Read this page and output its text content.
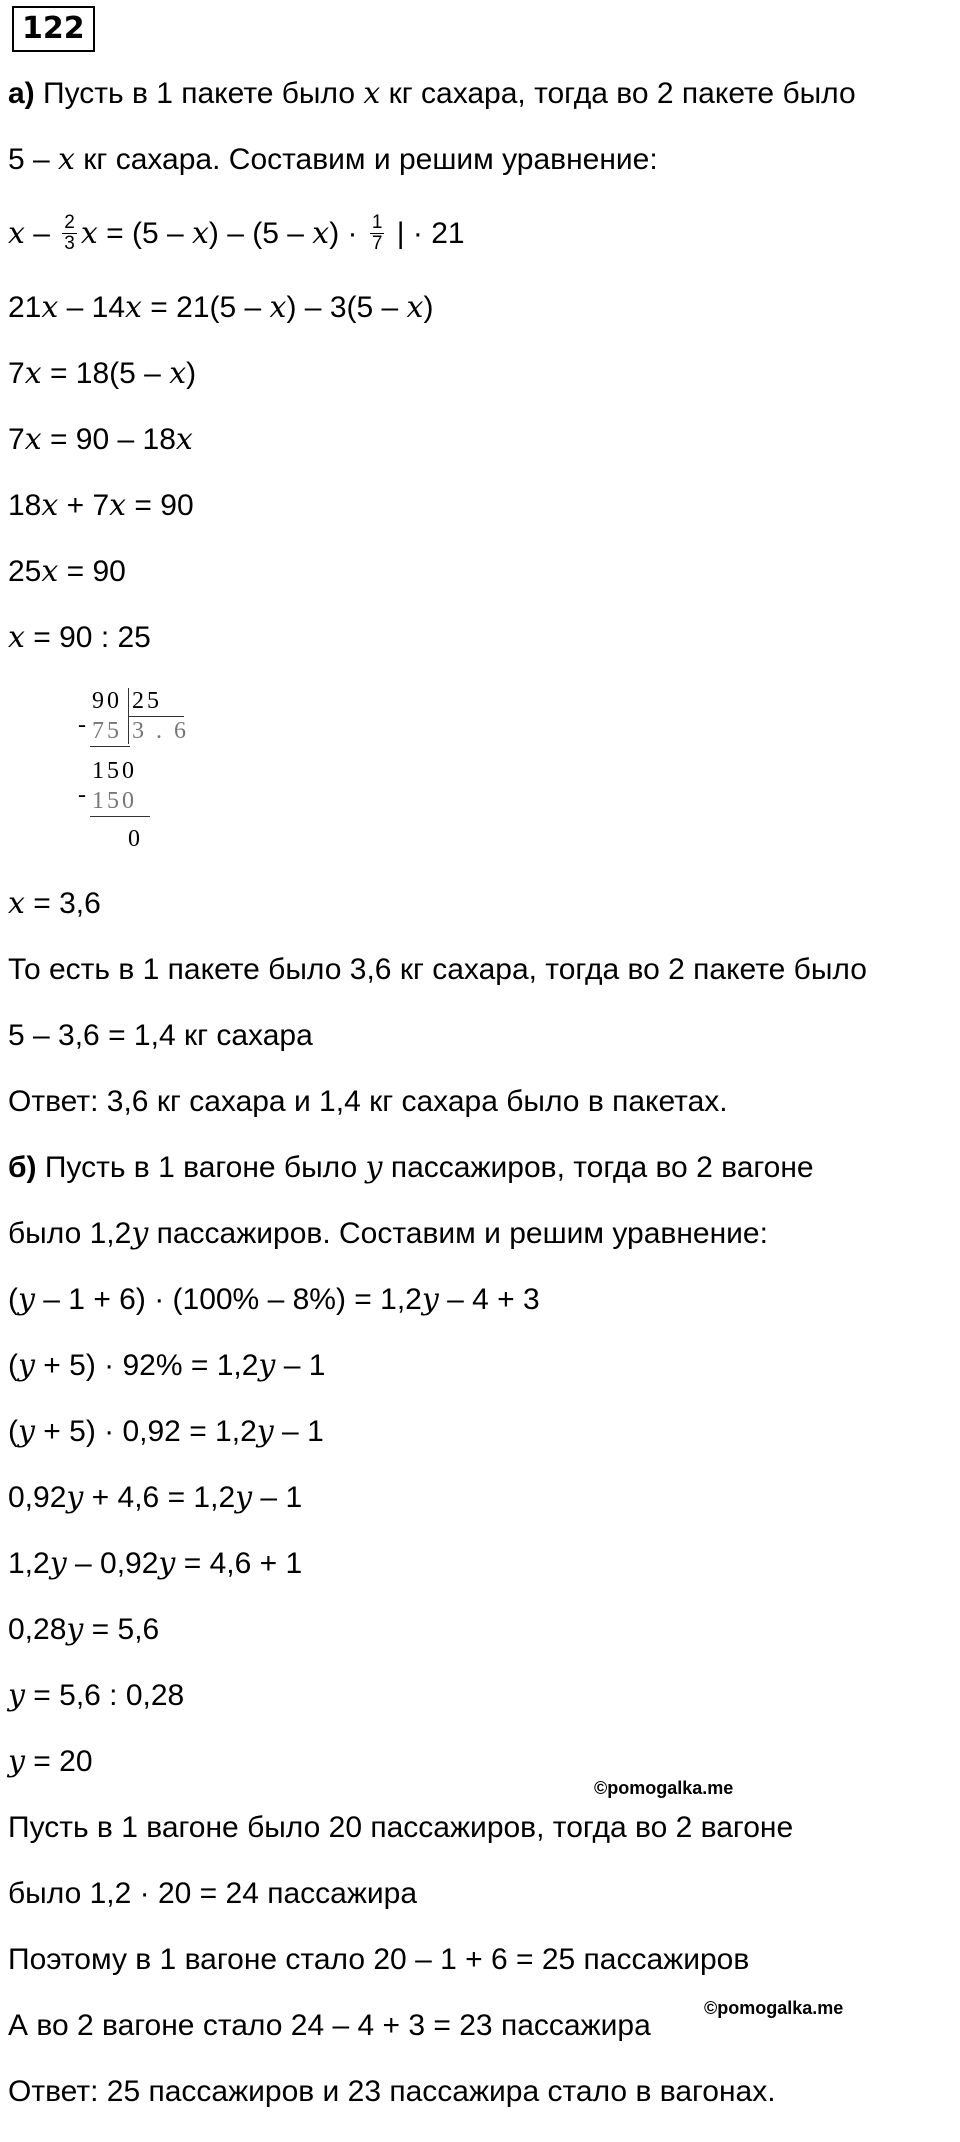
122
а) Пусть в 1 пакете было x кг сахара, тогда во 2 пакете было
5 – x кг сахара. Составим и решим уравнение:
x – $\frac{2}{3}$ $x = (5 - x) - (5 - x) \cdot \frac{1}{7}$ | · 21
21x – 14x = 21(5 – x) – 3(5 – x)
7x = 18(5 – x)
7x = 90 – 18x
18x + 7x = 90
25x = 90
x = 90 : 25
90 25
- 75 3 . 6
150
- 150
0
x = 3,6
То есть в 1 пакете было 3,6 кг сахара, тогда во 2 пакете было
5 – 3,6 = 1,4 кг сахара
Ответ: 3,6 кг сахара и 1,4 кг сахара было в пакетах.
б) Пусть в 1 вагоне было y пассажиров, тогда во 2 вагоне
было 1,2y пассажиров. Составим и решим уравнение:
(y – 1 + 6) · (100% – 8%) = 1,2y – 4 + 3
(y + 5) · 92% = 1,2y – 1
(y + 5) · 0,92 = 1,2y – 1
0,92y + 4,6 = 1,2y – 1
1,2y – 0,92y = 4,6 + 1
0,28y = 5,6
y = 5,6 : 0,28
y = 20
©pomogalka.me
Пусть в 1 вагоне было 20 пассажиров, тогда во 2 вагоне
было 1,2 · 20 = 24 пассажира
Поэтому в 1 вагоне стало 20 – 1 + 6 = 25 пассажиров
©pomogalka.me
А во 2 вагоне стало 24 – 4 + 3 = 23 пассажира
Ответ: 25 пассажиров и 23 пассажира стало в вагонах.
